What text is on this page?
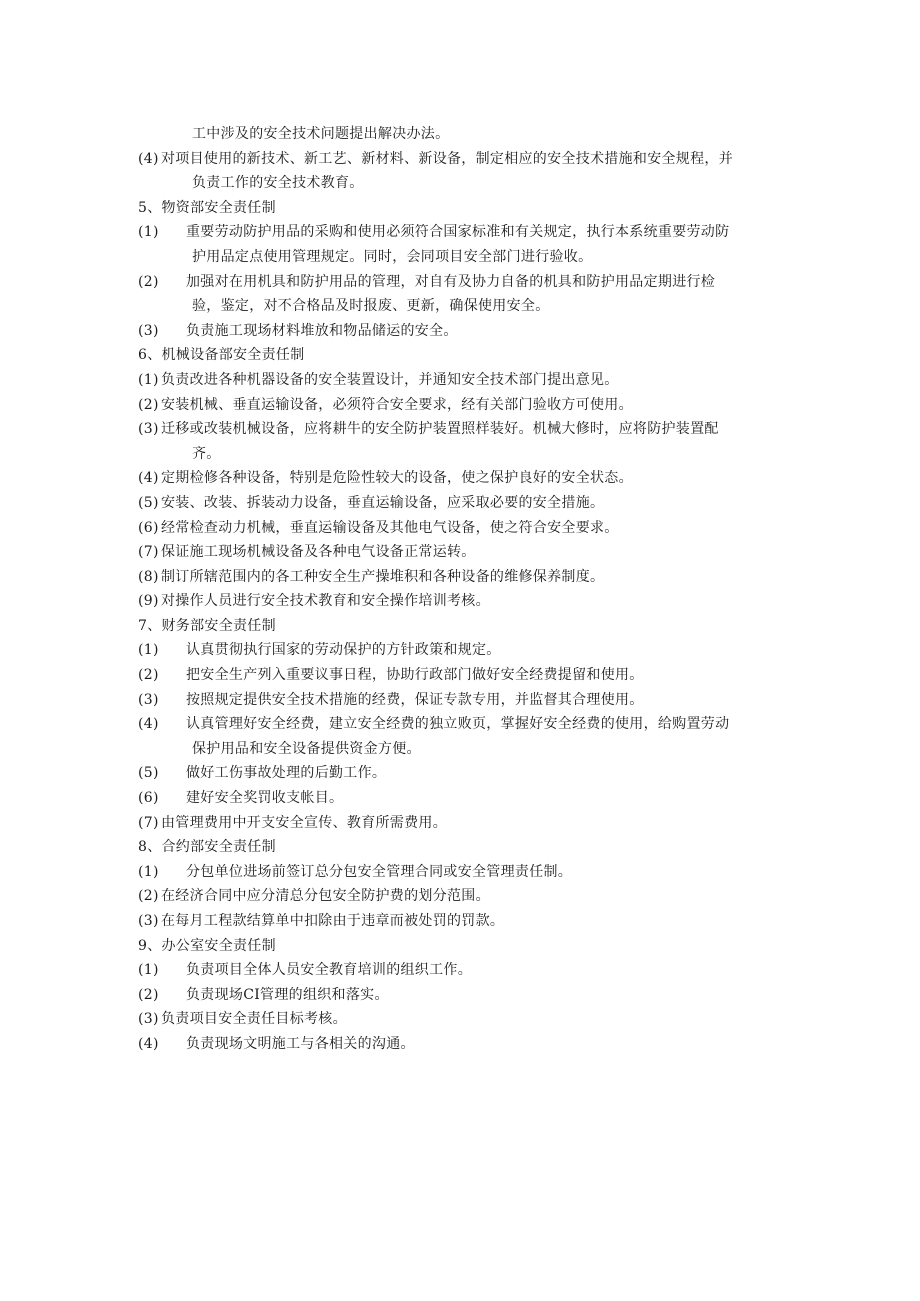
工中涉及的安全技术问题提出解决办法。
(4) 对项目使用的新技术、新工艺、新材料、新设备，制定相应的安全技术措施和安全规程，并
负责工作的安全技术教育。
5、物资部安全责任制
(1) 重要劳动防护用品的采购和使用必须符合国家标准和有关规定，执行本系统重要劳动防
护用品定点使用管理规定。同时，会同项目安全部门进行验收。
(2) 加强对在用机具和防护用品的管理，对自有及协力自备的机具和防护用品定期进行检
验，鉴定，对不合格品及时报废、更新，确保使用安全。
(3) 负责施工现场材料堆放和物品储运的安全。
6、机械设备部安全责任制
(1) 负责改进各种机器设备的安全装置设计，并通知安全技术部门提出意见。
(2) 安装机械、垂直运输设备，必须符合安全要求，经有关部门验收方可使用。
(3) 迁移或改装机械设备，应将耕牛的安全防护装置照样装好。机械大修时，应将防护装置配
齐。
(4) 定期检修各种设备，特别是危险性较大的设备，使之保护良好的安全状态。
(5) 安装、改装、拆装动力设备，垂直运输设备，应采取必要的安全措施。
(6) 经常检查动力机械，垂直运输设备及其他电气设备，使之符合安全要求。
(7) 保证施工现场机械设备及各种电气设备正常运转。
(8) 制订所辖范围内的各工种安全生产操堆积和各种设备的维修保养制度。
(9) 对操作人员进行安全技术教育和安全操作培训考核。
7、财务部安全责任制
(1) 认真贯彻执行国家的劳动保护的方针政策和规定。
(2) 把安全生产列入重要议事日程，协助行政部门做好安全经费提留和使用。
(3) 按照规定提供安全技术措施的经费，保证专款专用，并监督其合理使用。
(4) 认真管理好安全经费，建立安全经费的独立败页，掌握好安全经费的使用，给购置劳动
保护用品和安全设备提供资金方便。
(5) 做好工伤事故处理的后勤工作。
(6) 建好安全奖罚收支帐目。
(7) 由管理费用中开支安全宣传、教育所需费用。
8、合约部安全责任制
(1) 分包单位进场前签订总分包安全管理合同或安全管理责任制。
(2) 在经济合同中应分清总分包安全防护费的划分范围。
(3) 在每月工程款结算单中扣除由于违章而被处罚的罚款。
9、办公室安全责任制
(1) 负责项目全体人员安全教育培训的组织工作。
(2) 负责现场CI管理的组织和落实。
(3) 负责项目安全责任目标考核。
(4) 负责现场文明施工与各相关的沟通。
